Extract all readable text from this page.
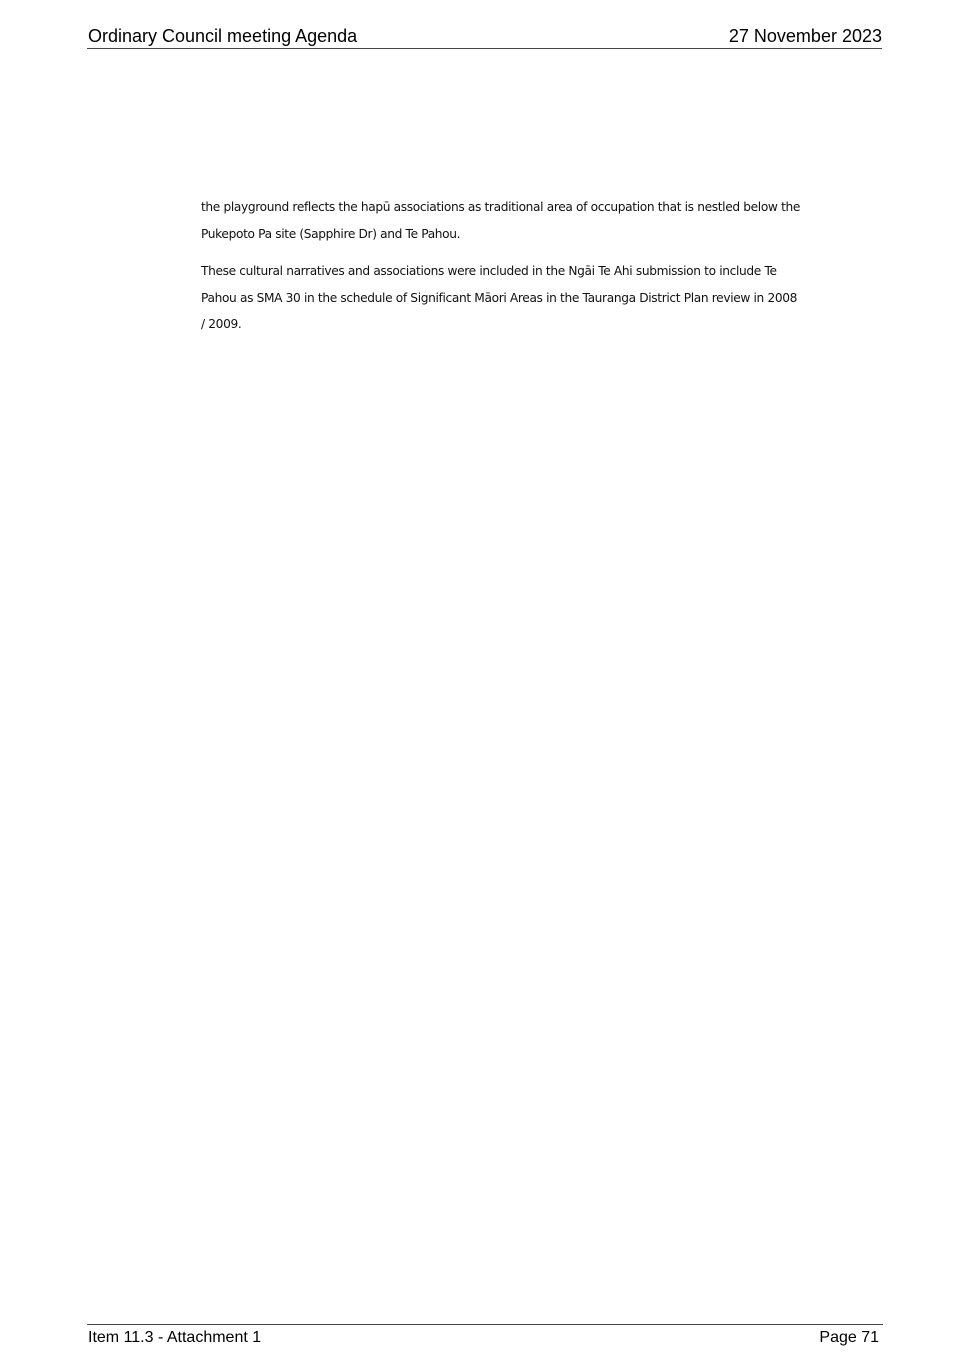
Ordinary Council meeting Agenda	27 November 2023

the playground reflects the hapū associations as traditional area of occupation that is nestled below the Pukepoto Pa site (Sapphire Dr) and Te Pahou.

These cultural narratives and associations were included in the Ngāi Te Ahi submission to include Te Pahou as SMA 30 in the schedule of Significant Māori Areas in the Tauranga District Plan review in 2008 / 2009.

Item 11.3 - Attachment 1	Page 71
